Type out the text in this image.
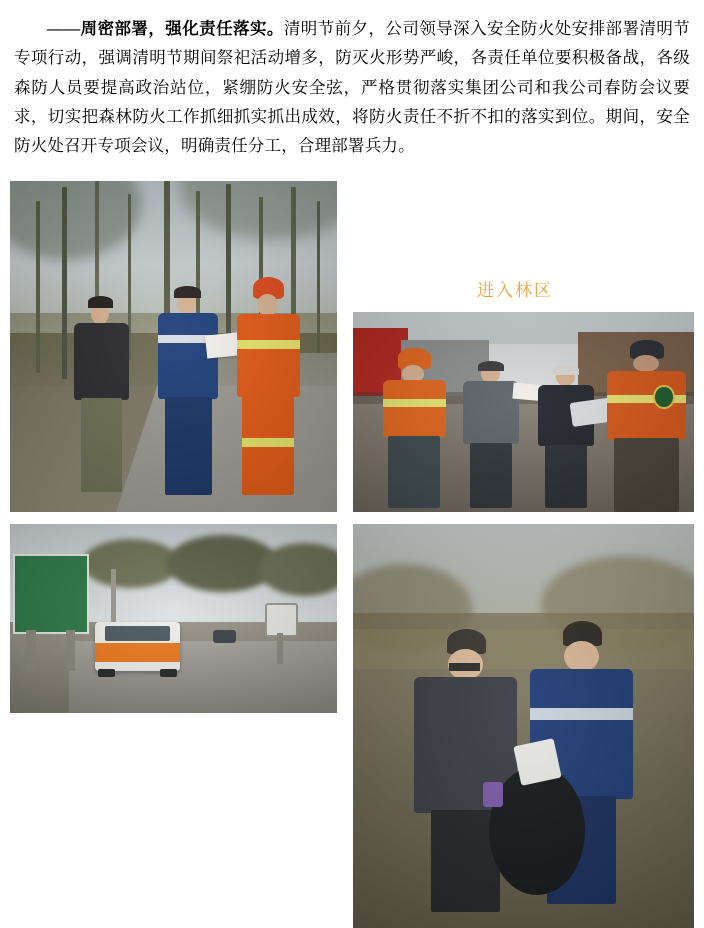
——周密部署，强化责任落实。清明节前夕，公司领导深入安全防火处安排部署清明节专项行动，强调清明节期间祭祀活动增多，防灭火形势严峻，各责任单位要积极备战，各级森防人员要提高政治站位，紧绷防火安全弦，严格贯彻落实集团公司和我公司春防会议要求，切实把森林防火工作抓细抓实抓出成效，将防火责任不折不扣的落实到位。期间，安全防火处召开专项会议，明确责任分工，合理部署兵力。

进入林区
